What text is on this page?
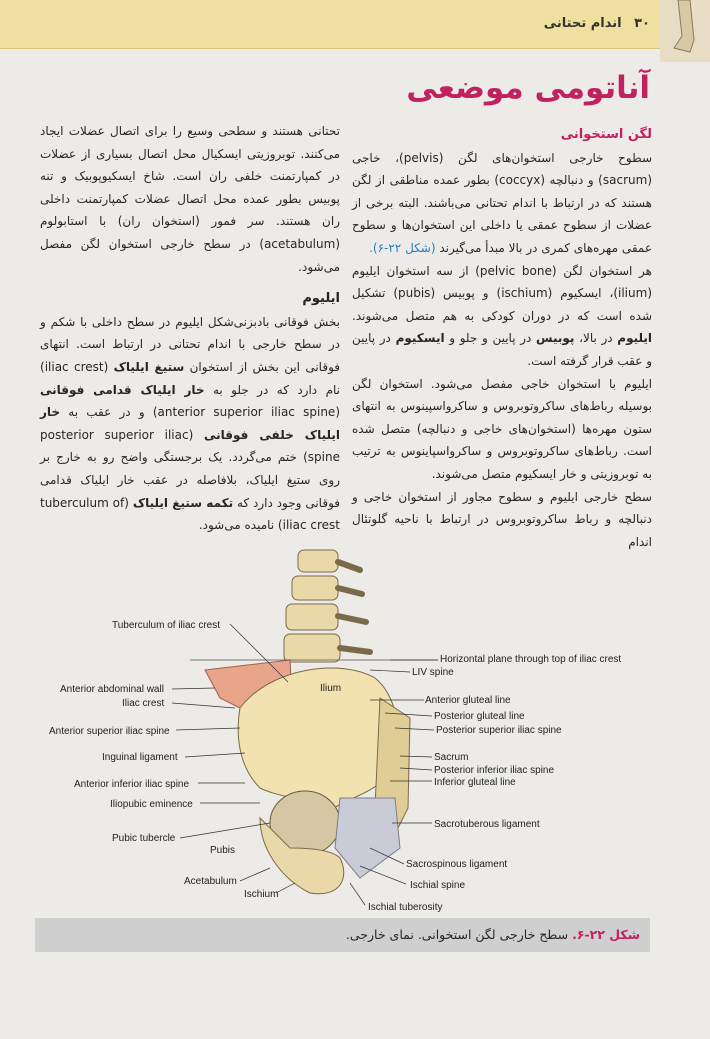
۳۰ اندام تحتانی
آناتومی موضعی

لگن استخوانی

سطوح خارجی استخوان‌های لگن (pelvis)، خاجی (sacrum) و دنبالچه (coccyx) بطور عمده مناطقی از لگن هستند که در ارتباط با اندام تحتانی می‌باشند. البته برخی از عضلات از سطوح عمقی یا داخلی این استخوان‌ها و سطوح عمقی مهره‌های کمری در بالا مبدأ می‌گیرند (شکل ۲۲-۶).

هر استخوان لگن (pelvic bone) از سه استخوان ایلیوم (ilium)، ایسکیوم (ischium) و پوبیس (pubis) تشکیل شده است که در دوران کودکی به هم متصل می‌شوند. ایلیوم در بالا، پوبیس در پایین و جلو و ایسکیوم در پایین و عقب قرار گرفته است.

ایلیوم با استخوان خاجی مفصل می‌شود. استخوان لگن بوسیله رباط‌های ساکروتوبروس و ساکرواسپینوس به انتهای ستون مهره‌ها (استخوان‌های خاجی و دنبالچه) متصل شده است. رباط‌های ساکروتوبروس و ساکرواسپاینوس به ترتیب به توبروزیتی و خار ایسکیوم متصل می‌شوند.

سطح خارجی ایلیوم و سطوح مجاور از استخوان خاجی و دنبالچه و رباط ساکروتوبروس در ارتباط با ناحیه گلوتئال اندام

تحتانی هستند و سطحی وسیع را برای اتصال عضلات ایجاد می‌کنند. توبروزیتی ایسکیال محل اتصال بسیاری از عضلات در کمپارتمنت خلفی ران است. شاخ ایسکیوپوبیک و تنه پوبیس بطور عمده محل اتصال عضلات کمپارتمنت داخلی ران هستند. سر فمور (استخوان ران) با استابولوم (acetabulum) در سطح خارجی استخوان لگن مفصل می‌شود.

ایلیوم

بخش فوقانی بادبزنی‌شکل ایلیوم در سطح داخلی با شکم و در سطح خارجی با اندام تحتانی در ارتباط است. انتهای فوقانی این بخش از استخوان ستیغ ایلیاک (iliac crest) نام دارد که در جلو به خار ایلیاک قدامی فوقانی (anterior superior iliac spine) و در عقب به خار ایلیاک خلفی فوقانی (posterior superior iliac spine) ختم می‌گردد. یک برجستگی واضح رو به خارج بر روی ستیغ ایلیاک، بلافاصله در عقب خار ایلیاک قدامی فوقانی وجود دارد که تکمه ستیغ ایلیاک (tuberculum of iliac crest) نامیده می‌شود.

Tuberculum of iliac crest
Anterior abdominal wall
Iliac crest
Anterior superior iliac spine
Inguinal ligament
Anterior inferior iliac spine
Iliopubic eminence
Pubic tubercle
Pubis
Acetabulum
Ischium
Ilium
Horizontal plane through top of iliac crest
LIV spine
Anterior gluteal line
Posterior gluteal line
Posterior superior iliac spine
Sacrum
Posterior inferior iliac spine
Inferior gluteal line
Sacrotuberous ligament
Sacrospinous ligament
Ischial spine
Ischial tuberosity
شکل ۲۲-۶. سطح خارجی لگن استخوانی. نمای خارجی.
